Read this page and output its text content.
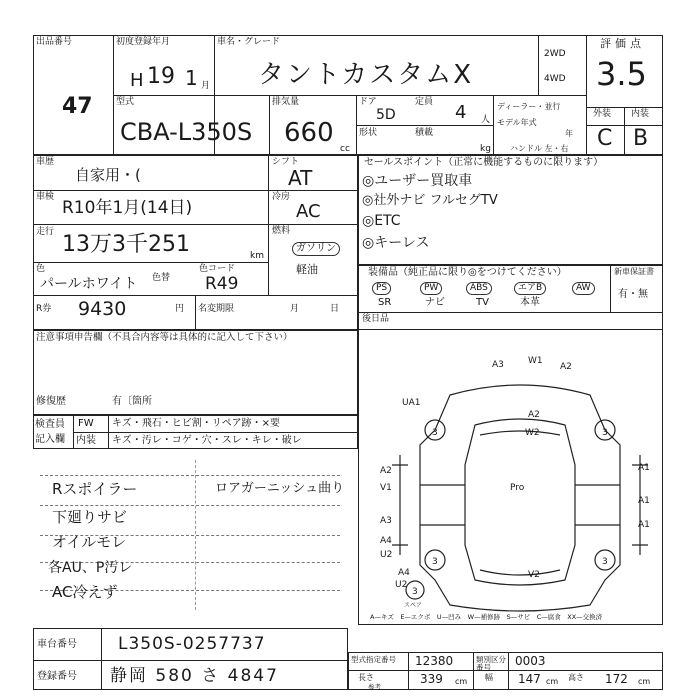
出品番号
47
初度登録年月
H 19 1 月
車名・グレード
タントカスタムX
2WD
4WD
評価点
3.5
型式
CBA-L350S
排気量
660
cc
ドア
5D
定員 4 人
形状	積載
kg
ディーラー・並行
モデル年式
年
ハンドル 左・右
外装 内装
C B
車歴
自家用・(
車検
R10年1月(14日)
走行 13万3千251	km
色
パールホワイト 色替
色コード
R49
R券 9430	円 名変期限	月	日
シフト
AT
冷房
AC
燃料
ガソリン
軽油
セールスポイント（正常に機能するものに限ります）
◎ユーザー買取車
◎社外ナビ フルセグTV
◎ETC
◎キーレス
装備品（純正品に限り◎をつけてください）
PS	PW	ABS	エアB	AW
SR	ナビ	TV	本革
新車保証書
有・無
後日品
注意事項申告欄（不具合内容等は具体的に記入して下さい）
修復歴	有〔箇所
検査員
記入欄
FW キズ・飛石・ヒビ割・リペア跡・×要
内装 キズ・汚レ・コゲ・穴・スレ・キレ・破レ
Rスポイラー
下廻りサビ
オイルモレ
各AU、P汚レ
AC冷えず
ロアガーニッシュ曲り
A3	W1
A2
UA1
A2
W2
3	3
A2
V1
A1
Pro
A1
A3	A1
A4
U2
A4	V2
U2
3	3
3
スペア
A—キズ　E—エクボ　U—凹み　W—補修跡　S—サビ　C—腐食　XX—交換済
車台番号 L350S-0257737
登録番号 静岡 580 さ 4847
型式指定番号 12380	類別区分番号	0003
長さ	339 cm 幅 147 cm 高さ 172 cm
参考
